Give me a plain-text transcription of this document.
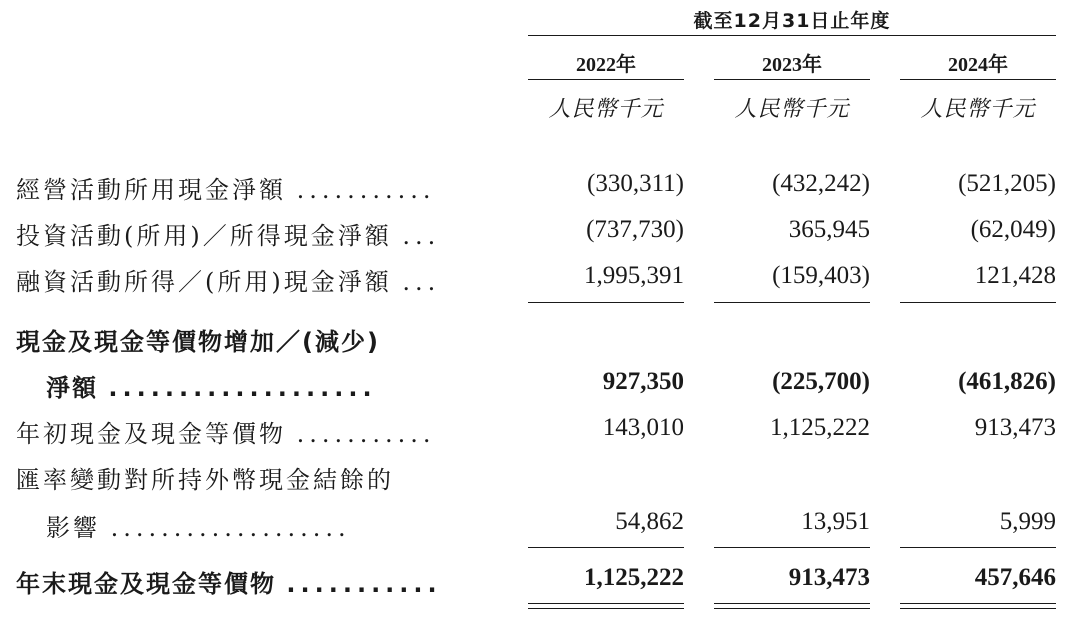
截至12月31日止年度
2022年	2023年	2024年
人民幣千元	人民幣千元	人民幣千元
經營活動所用現金淨額 ...........	(330,311)	(432,242)	(521,205)
投資活動(所用)／所得現金淨額 ...	(737,730)	365,945	(62,049)
融資活動所得／(所用)現金淨額 ...	1,995,391	(159,403)	121,428
現金及現金等價物增加／(減少)
淨額 ...................	927,350	(225,700)	(461,826)
年初現金及現金等價物 ...........	143,010	1,125,222	913,473
匯率變動對所持外幣現金結餘的
影響 ...................	54,862	13,951	5,999
年末現金及現金等價物 ...........	1,125,222	913,473	457,646
